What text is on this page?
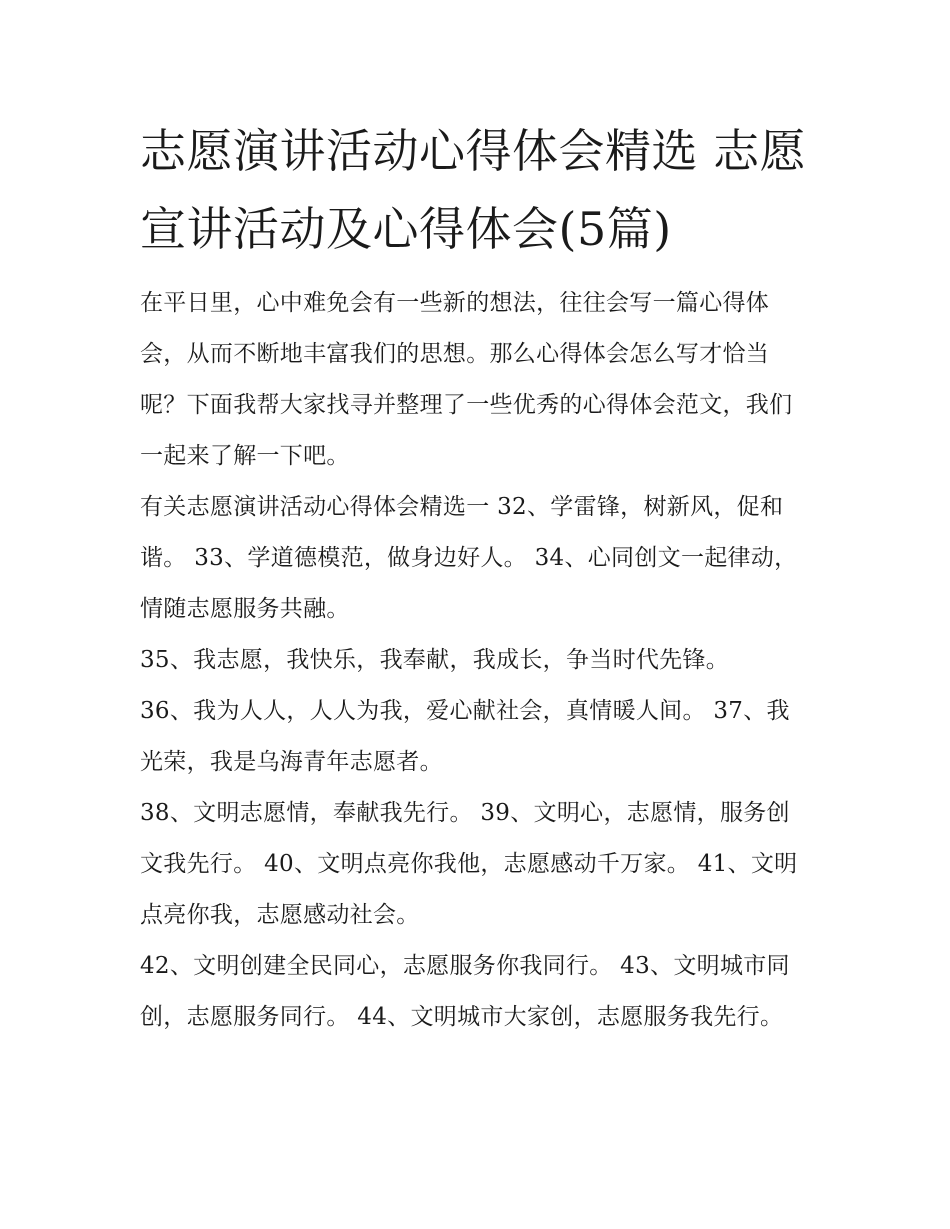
志愿演讲活动心得体会精选 志愿宣讲活动及心得体会(5篇)

在平日里，心中难免会有一些新的想法，往往会写一篇心得体会，从而不断地丰富我们的思想。那么心得体会怎么写才恰当呢？下面我帮大家找寻并整理了一些优秀的心得体会范文，我们一起来了解一下吧。

有关志愿演讲活动心得体会精选一 32、学雷锋，树新风，促和谐。 33、学道德模范，做身边好人。 34、心同创文一起律动，情随志愿服务共融。

35、我志愿，我快乐，我奉献，我成长，争当时代先锋。

36、我为人人，人人为我，爱心献社会，真情暖人间。 37、我光荣，我是乌海青年志愿者。

38、文明志愿情，奉献我先行。 39、文明心，志愿情，服务创文我先行。 40、文明点亮你我他，志愿感动千万家。 41、文明点亮你我，志愿感动社会。

42、文明创建全民同心，志愿服务你我同行。 43、文明城市同创，志愿服务同行。 44、文明城市大家创，志愿服务我先行。
